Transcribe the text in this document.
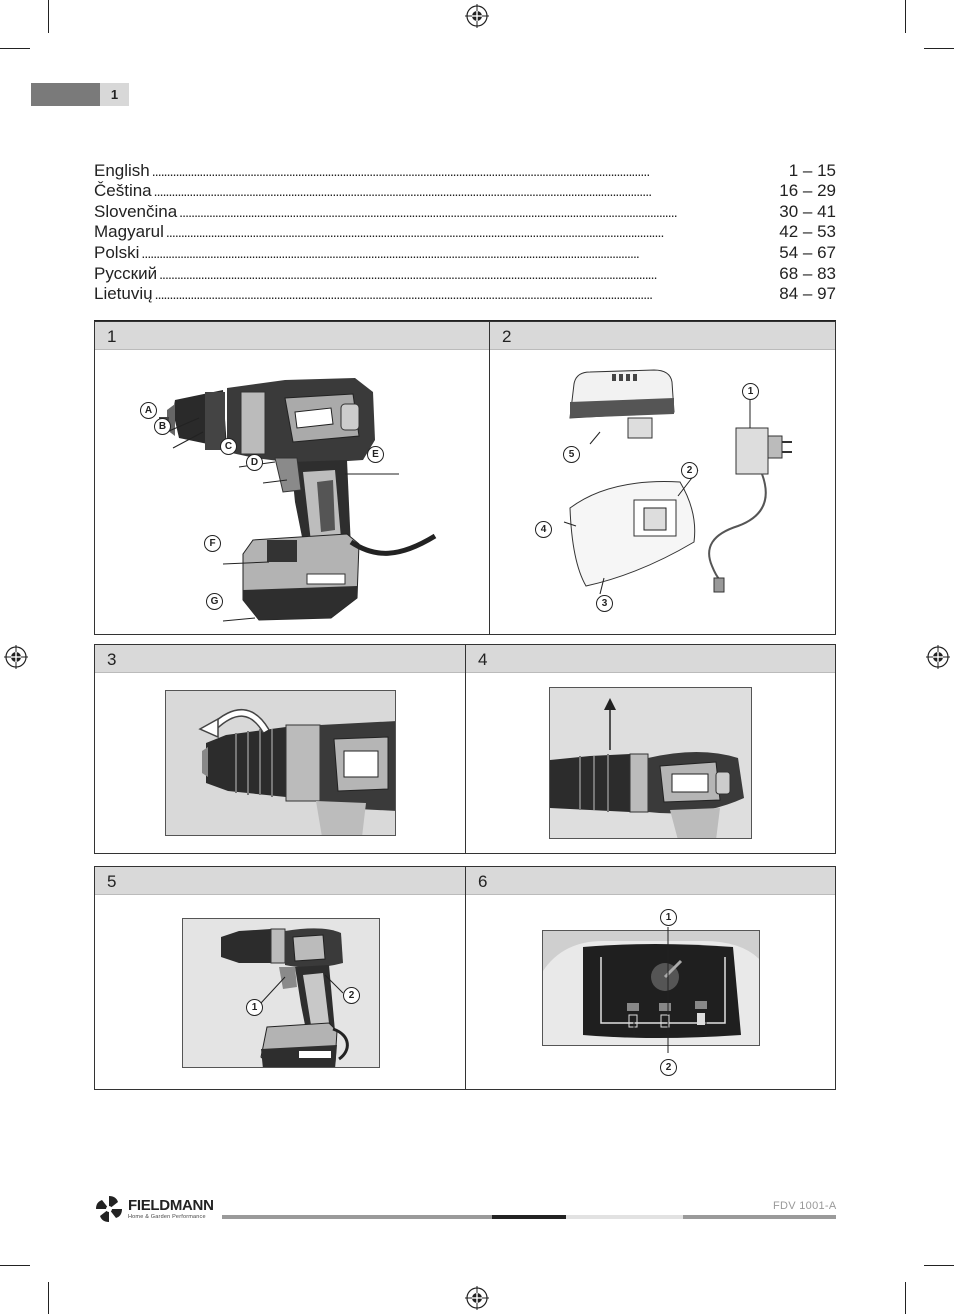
1
English . . .	1 – 15
Čeština . . .	16 – 29
Slovenčina . . .	30 – 41
Magyarul . . .	42 – 53
Polski . . .	54 – 67
Русский . . .	68 – 83
Lietuvių . . .	84 – 97
1
A
B
C
D
E
F
G
2
1
2
3
4
5
3	4
5
1
2
6
1
2
FIELDMANN
Home & Garden Performance
FDV 1001-A
